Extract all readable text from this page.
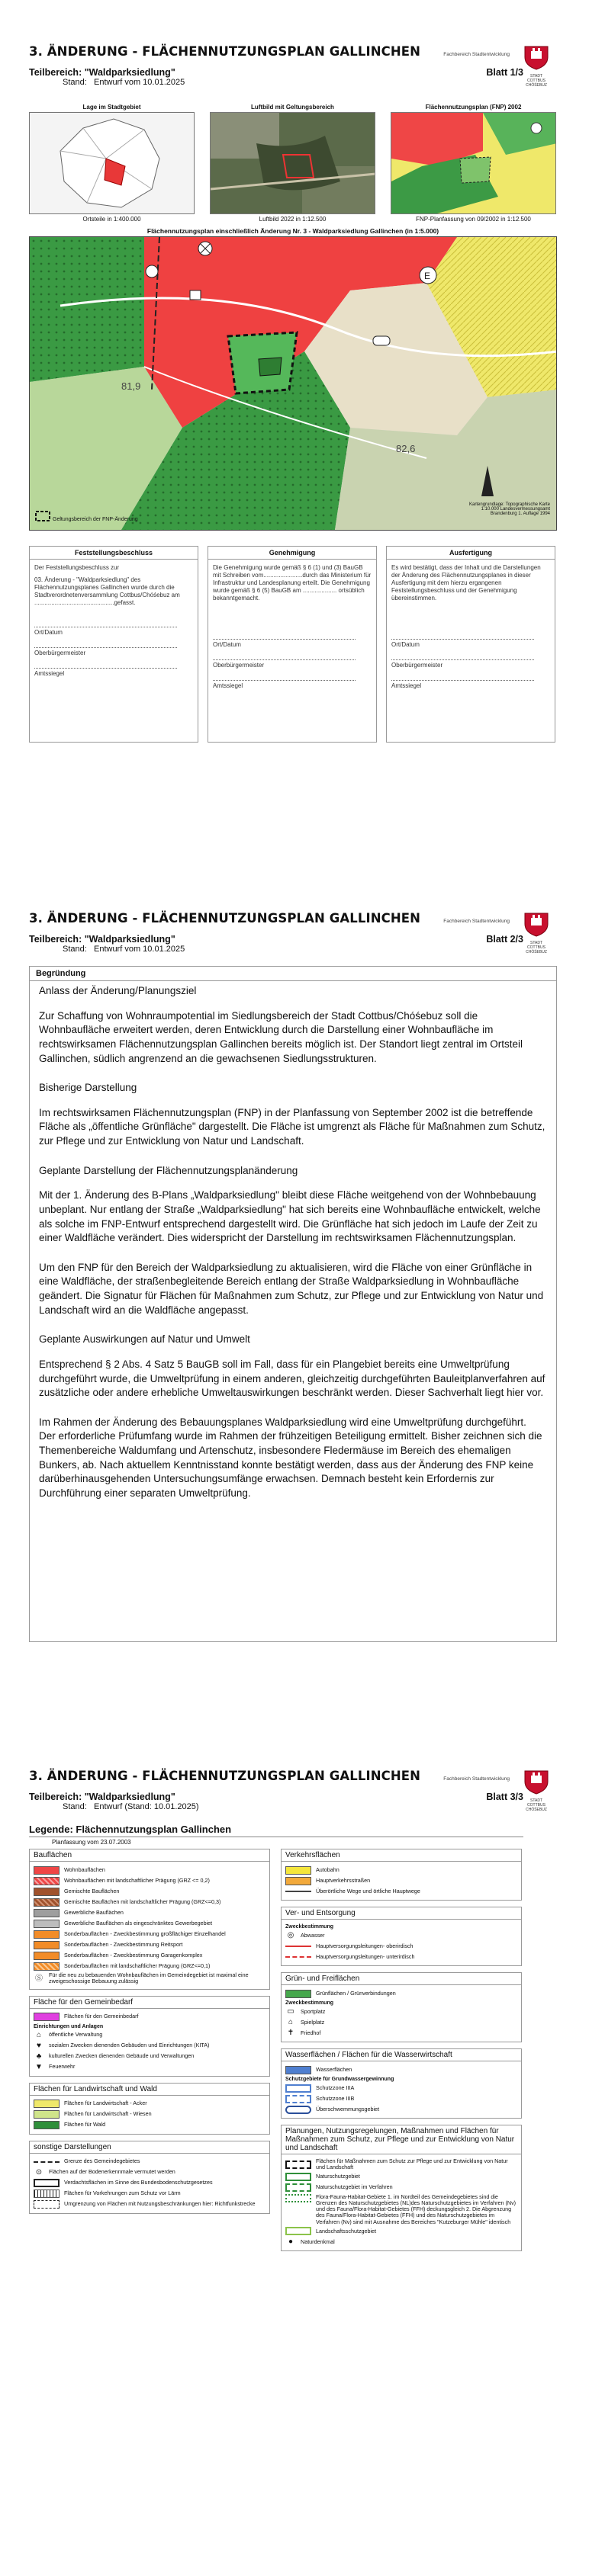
3. ÄNDERUNG - FLÄCHENNUTZUNGSPLAN GALLINCHEN	Fachbereich Stadtentwicklung
STADT COTTBUS CHÓŚEBUZ
Teilbereich: "Waldparksiedlung"	Blatt 1/3
Stand: Entwurf vom 10.01.2025
Lage im Stadtgebiet
Ortsteile in 1:400.000
Luftbild mit Geltungsbereich
Luftbild 2022 in 1:12.500
Flächennutzungsplan (FNP) 2002
FNP-Planfassung von 09/2002 in 1:12.500
Flächennutzungsplan einschließlich Änderung Nr. 3 - Waldparksiedlung Gallinchen (in 1:5.000)
81,9
82,6
E
Geltungsbereich der FNP-Änderung
Kartengrundlage: Topographische Karte 1:10.000 Landesvermessungsamt Brandenburg 1. Auflage 1994
Feststellungsbeschluss
Der Feststellungsbeschluss zur
03. Änderung - "Waldparksiedlung" des Flächennutzungsplanes Gallinchen wurde durch die Stadtverordnetenversammlung Cottbus/Chóśebuz am ...............................................gefasst.
Ort/Datum
Oberbürgermeister
Amtssiegel
Genehmigung
Die Genehmigung wurde gemäß § 6 (1) und (3) BauGB mit Schreiben vom.......................durch das Ministerium für Infrastruktur und Landesplanung erteilt. Die Genehmigung wurde gemäß § 6 (5) BauGB am .................... ortsüblich bekanntgemacht.
Ort/Datum
Oberbürgermeister
Amtssiegel
Ausfertigung
Es wird bestätigt, dass der Inhalt und die Darstellungen der Änderung des Flächennutzungsplanes in dieser Ausfertigung mit dem hierzu ergangenen Feststellungsbeschluss und der Genehmigung übereinstimmen.
Ort/Datum
Oberbürgermeister
Amtssiegel
3. ÄNDERUNG - FLÄCHENNUTZUNGSPLAN GALLINCHEN	Fachbereich Stadtentwicklung
STADT COTTBUS CHÓŚEBUZ
Teilbereich: "Waldparksiedlung"	Blatt 2/3
Stand: Entwurf vom 10.01.2025
Begründung

Anlass der Änderung/Planungsziel

Zur Schaffung von Wohnraumpotential im Siedlungsbereich der Stadt Cottbus/Chóśebuz soll die Wohnbaufläche erweitert werden, deren Entwicklung durch die Darstellung einer Wohnbaufläche im rechtswirksamen Flächennutzungsplan Gallinchen bereits möglich ist. Der Standort liegt zentral im Ortsteil Gallinchen, südlich angrenzend an die gewachsenen Siedlungsstrukturen.

Bisherige Darstellung

Im rechtswirksamen Flächennutzungsplan (FNP) in der Planfassung von September 2002 ist die betreffende Fläche als „öffentliche Grünfläche" dargestellt. Die Fläche ist umgrenzt als Fläche für Maßnahmen zum Schutz, zur Pflege und zur Entwicklung von Natur und Landschaft.

Geplante Darstellung der Flächennutzungsplanänderung

Mit der 1. Änderung des B-Plans „Waldparksiedlung" bleibt diese Fläche weitgehend von der Wohnbebauung unbeplant. Nur entlang der Straße „Waldparksiedlung" hat sich bereits eine Wohnbaufläche entwickelt, welche als solche im FNP-Entwurf entsprechend dargestellt wird. Die Grünfläche hat sich jedoch im Laufe der Zeit zu einer Waldfläche verändert. Dies widerspricht der Darstellung im rechtswirksamen Flächennutzungsplan.

Um den FNP für den Bereich der Waldparksiedlung zu aktualisieren, wird die Fläche von einer Grünfläche in eine Waldfläche, der straßenbegleitende Bereich entlang der Straße Waldparksiedlung in Wohnbaufläche geändert. Die Signatur für Flächen für Maßnahmen zum Schutz, zur Pflege und zur Entwicklung von Natur und Landschaft wird an die Waldfläche angepasst.

Geplante Auswirkungen auf Natur und Umwelt

Entsprechend § 2 Abs. 4 Satz 5 BauGB soll im Fall, dass für ein Plangebiet bereits eine Umweltprüfung durchgeführt wurde, die Umweltprüfung in einem anderen, gleichzeitig durchgeführten Bauleitplanverfahren auf zusätzliche oder andere erhebliche Umweltauswirkungen beschränkt werden. Dieser Sachverhalt liegt hier vor.

Im Rahmen der Änderung des Bebauungsplanes Waldparksiedlung wird eine Umweltprüfung durchgeführt. Der erforderliche Prüfumfang wurde im Rahmen der frühzeitigen Beteiligung ermittelt. Bisher zeichnen sich die Themenbereiche Waldumfang und Artenschutz, insbesondere Fledermäuse im Bereich des ehemaligen Bunkers, ab. Nach aktuellem Kenntnisstand konnte bestätigt werden, dass aus der Änderung des FNP keine darüberhinausgehenden Untersuchungsumfänge erwachsen. Demnach besteht kein Erfordernis zur Durchführung einer separaten Umweltprüfung.

3. ÄNDERUNG - FLÄCHENNUTZUNGSPLAN GALLINCHEN	Fachbereich Stadtentwicklung
STADT COTTBUS CHÓŚEBUZ
Teilbereich: "Waldparksiedlung"	Blatt 3/3
Stand: Entwurf (Stand: 10.01.2025)
Legende: Flächennutzungsplan Gallinchen
Planfassung vom 23.07.2003
Bauflächen
Wohnbauflächen
Wohnbauflächen mit landschaftlicher Prägung (GRZ <= 0,2)
Gemischte Bauflächen
Gemischte Bauflächen mit landschaftlicher Prägung (GRZ<=0,3)
Gewerbliche Bauflächen
Gewerbliche Bauflächen als eingeschränktes Gewerbegebiet
Sonderbauflächen - Zweckbestimmung großflächiger Einzelhandel
Sonderbauflächen - Zweckbestimmung Reitsport
Sonderbauflächen - Zweckbestimmung Garagenkomplex
Sonderbauflächen mit landschaftlicher Prägung (GRZ<=0,1)
Ⓢ Für die neu zu bebauenden Wohnbauflächen im Gemeindegebiet ist maximal eine zweigeschossige Bebauung zulässig
Fläche für den Gemeinbedarf
Flächen für den Gemeinbedarf
Einrichtungen und Anlagen
⌂	öffentliche Verwaltung
♥	sozialen Zwecken dienenden Gebäuden und Einrichtungen (KITA)
♣	kulturellen Zwecken dienenden Gebäude und Verwaltungen
▼ Feuerwehr
Flächen für Landwirtschaft und Wald
Flächen für Landwirtschaft - Acker
Flächen für Landwirtschaft - Wiesen
Flächen für Wald
sonstige Darstellungen
Grenze des Gemeindegebietes
⊙	Flächen auf der Bodenerkennmale vermutet werden
Verdachtsflächen im Sinne des Bundesbodenschutzgesetzes
Flächen für Vorkehrungen zum Schutz vor Lärm
Umgrenzung von Flächen mit Nutzungsbeschränkungen hier: Richtfunkstrecke
Verkehrsflächen
Autobahn
Hauptverkehrsstraßen
Überörtliche Wege und örtliche Hauptwege
Ver- und Entsorgung
Zweckbestimmung
◎	Abwasser
Hauptversorgungsleitungen- oberirdisch
Hauptversorgungsleitungen- unterirdisch
Grün- und Freiflächen
Grünflächen / Grünverbindungen
Zweckbestimmung
▭	Sportplatz
⌂	Spielplatz
✝	Friedhof
Wasserflächen / Flächen für die Wasserwirtschaft
Wasserflächen
Schutzgebiete für Grundwassergewinnung
Schutzzone IIIA
Schutzzone IIIB
Überschwemmungsgebiet
Planungen, Nutzungsregelungen, Maßnahmen und Flächen für Maßnahmen zum Schutz, zur Pflege und zur Entwicklung von Natur und Landschaft
Flächen für Maßnahmen zum Schutz zur Pflege und zur Entwicklung von Natur und Landschaft
Naturschutzgebiet
Naturschutzgebiet im Verfahren
Flora-Fauna-Habitat-Gebiete 1. im Nordteil des Gemeindegebietes sind die Grenzen des Naturschutzgebietes (NL)des Naturschutzgebietes im Verfahren (Nv) und des Fauna/Flora-Habitat-Gebietes (FFH) deckungsgleich 2. Die Abgrenzung des Fauna/Flora-Habitat-Gebietes (FFH) und des Naturschutzgebietes im Verfahren (Nv) sind mit Ausnahme des Bereiches "Kutzeburger Mühle" identisch
Landschaftsschutzgebiet
●	Naturdenkmal
